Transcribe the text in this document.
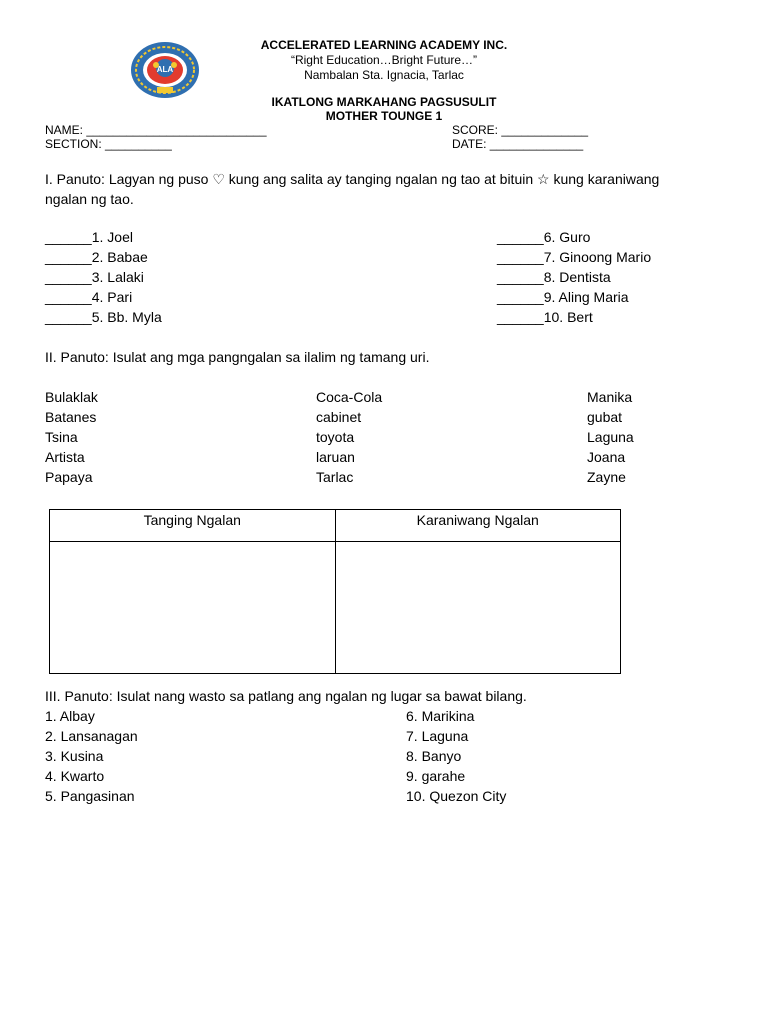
ALA
ACCELERATED LEARNING ACADEMY INC.
“Right Education…Bright Future…”
Nambalan Sta. Ignacia, Tarlac
IKATLONG MARKAHANG PAGSUSULIT
MOTHER TOUNGE 1
NAME: ___________________________
SECTION: __________
SCORE: _____________
DATE: ______________
I. Panuto: Lagyan ng puso ♡ kung ang salita ay tanging ngalan ng tao at bituin ☆ kung karaniwang ngalan ng tao.
______1. Joel
______2. Babae
______3. Lalaki
______4. Pari
______5. Bb. Myla
______6. Guro
______7. Ginoong Mario
______8. Dentista
______9. Aling Maria
______10. Bert
II. Panuto: Isulat ang mga pangngalan sa ilalim ng tamang uri.
Bulaklak
Batanes
Tsina
Artista
Papaya
Coca-Cola
cabinet
toyota
laruan
Tarlac
Manika
gubat
Laguna
Joana
Zayne
Tanging Ngalan	Karaniwang Ngalan

III. Panuto: Isulat nang wasto sa patlang ang ngalan ng lugar sa bawat bilang.
1. Albay
2. Lansanagan
3. Kusina
4. Kwarto
5. Pangasinan
6. Marikina
7. Laguna
8. Banyo
9. garahe
10. Quezon City
